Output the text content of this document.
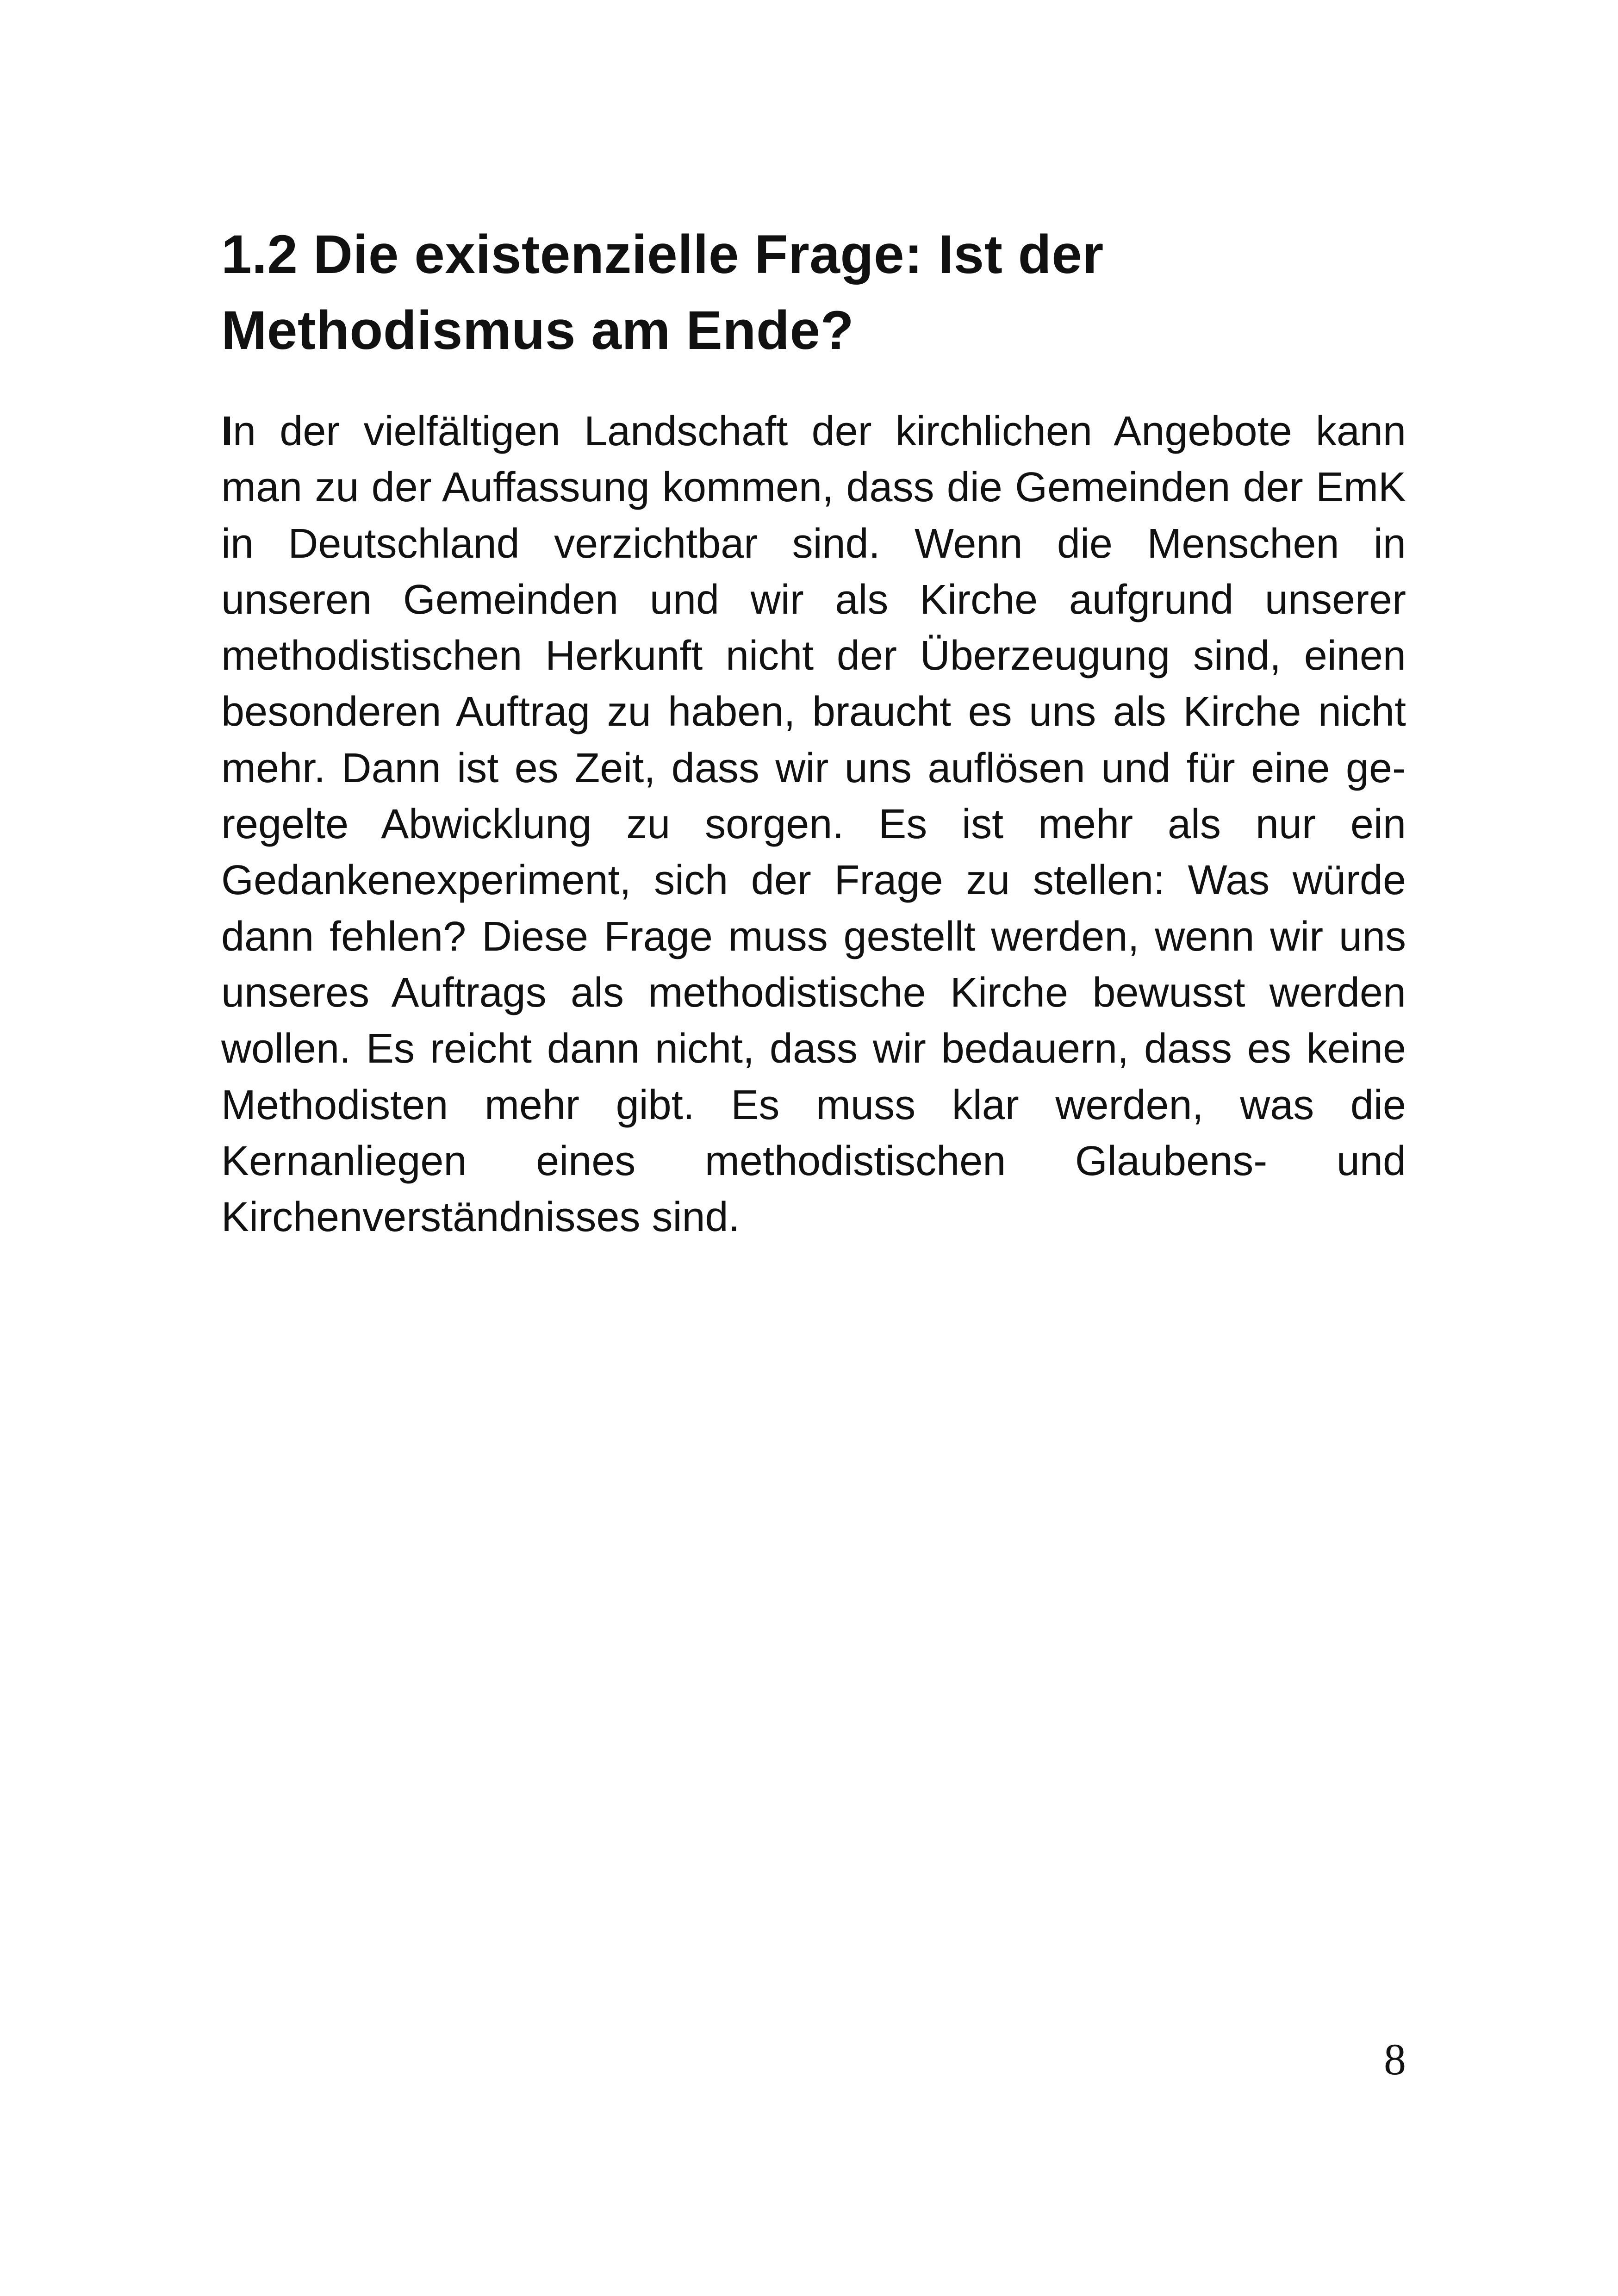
1.2 Die existenzielle Frage: Ist der Methodismus am Ende?

In der vielfältigen Landschaft der kirchlichen Angebote kann man zu der Auffassung kommen, dass die Gemeinden der EmK in Deutschland verzichtbar sind. Wenn die Menschen in unseren Gemeinden und wir als Kirche aufgrund unserer methodistischen Herkunft nicht der Überzeugung sind, einen besonderen Auftrag zu haben, braucht es uns als Kirche nicht mehr. Dann ist es Zeit, dass wir uns auflösen und für eine geregelte Abwicklung zu sorgen. Es ist mehr als nur ein Gedankenexperiment, sich der Frage zu stellen: Was würde dann fehlen? Diese Frage muss gestellt werden, wenn wir uns unseres Auftrags als methodistische Kirche bewusst werden wollen. Es reicht dann nicht, dass wir bedauern, dass es keine Methodisten mehr gibt. Es muss klar werden, was die Kernanliegen eines methodistischen Glaubens- und Kirchenverständnisses sind.

8
